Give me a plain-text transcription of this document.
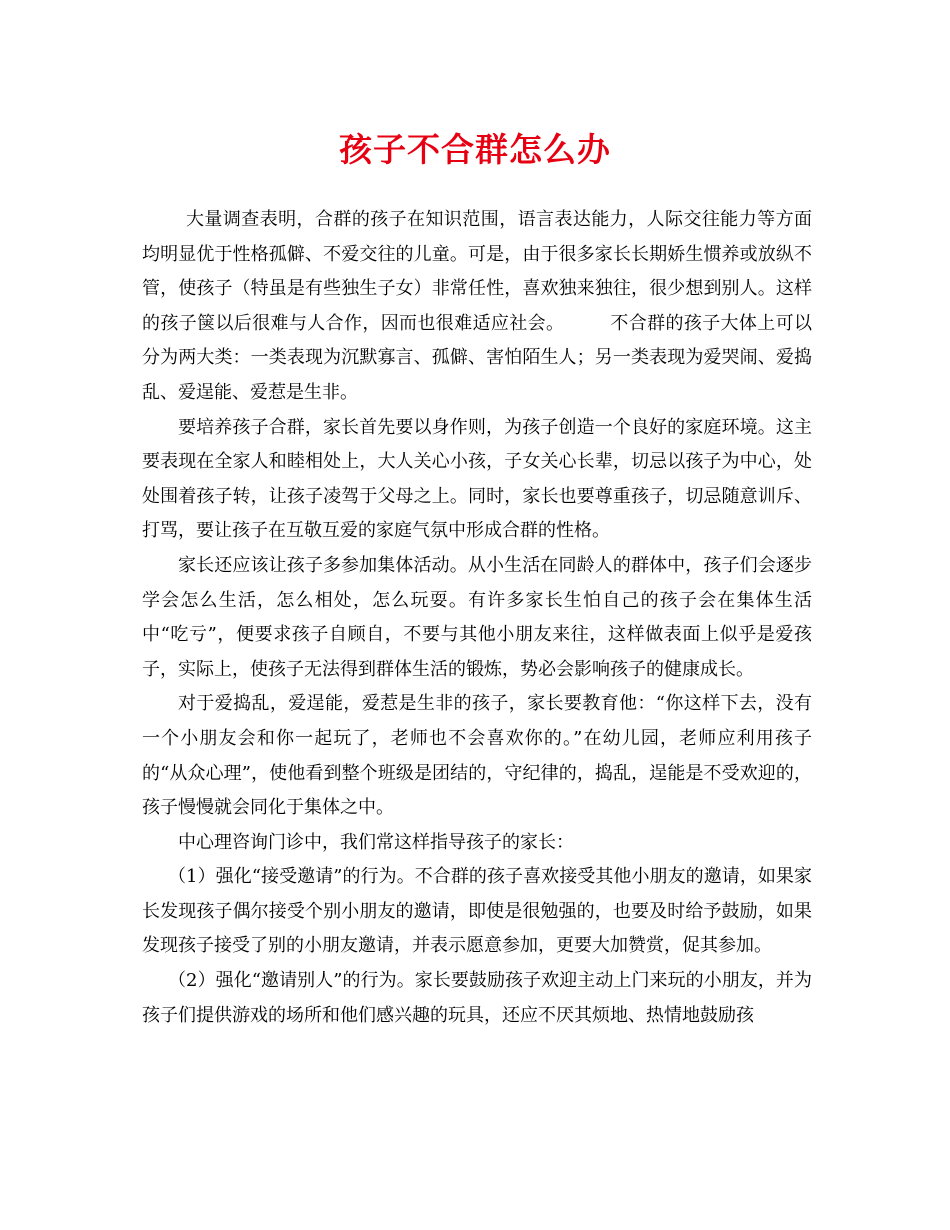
孩子不合群怎么办

大量调查表明，合群的孩子在知识范围，语言表达能力，人际交往能力等方面均明显优于性格孤僻、不爱交往的儿童。可是，由于很多家长长期娇生惯养或放纵不管，使孩子（特虽是有些独生子女）非常任性，喜欢独来独往，很少想到别人。这样的孩子箧以后很难与人合作，因而也很难适应社会。　　　不合群的孩子大体上可以分为两大类：一类表现为沉默寡言、孤僻、害怕陌生人；另一类表现为爱哭闹、爱捣乱、爱逞能、爱惹是生非。

要培养孩子合群，家长首先要以身作则，为孩子创造一个良好的家庭环境。这主要表现在全家人和睦相处上，大人关心小孩，子女关心长辈，切忌以孩子为中心，处处围着孩子转，让孩子凌驾于父母之上。同时，家长也要尊重孩子，切忌随意训斥、打骂，要让孩子在互敬互爱的家庭气氛中形成合群的性格。

家长还应该让孩子多参加集体活动。从小生活在同龄人的群体中，孩子们会逐步学会怎么生活，怎么相处，怎么玩耍。有许多家长生怕自己的孩子会在集体生活中“吃亏”，便要求孩子自顾自，不要与其他小朋友来往，这样做表面上似乎是爱孩子，实际上，使孩子无法得到群体生活的锻炼，势必会影响孩子的健康成长。

对于爱捣乱，爱逞能，爱惹是生非的孩子，家长要教育他：“你这样下去，没有一个小朋友会和你一起玩了，老师也不会喜欢你的。”在幼儿园，老师应利用孩子的“从众心理”，使他看到整个班级是团结的，守纪律的，捣乱，逞能是不受欢迎的，孩子慢慢就会同化于集体之中。

中心理咨询门诊中，我们常这样指导孩子的家长：

（1）强化“接受邀请”的行为。不合群的孩子喜欢接受其他小朋友的邀请，如果家长发现孩子偶尔接受个别小朋友的邀请，即使是很勉强的，也要及时给予鼓励，如果发现孩子接受了别的小朋友邀请，并表示愿意参加，更要大加赞赏，促其参加。

（2）强化“邀请别人”的行为。家长要鼓励孩子欢迎主动上门来玩的小朋友，并为孩子们提供游戏的场所和他们感兴趣的玩具，还应不厌其烦地、热情地鼓励孩
